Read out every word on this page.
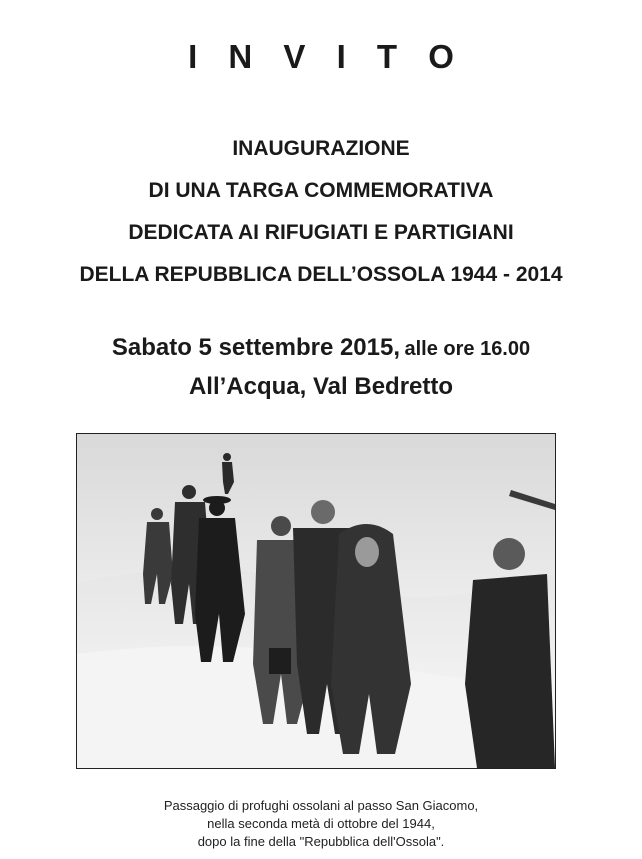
I N V I T O
INAUGURAZIONE
DI UNA TARGA COMMEMORATIVA
DEDICATA AI RIFUGIATI E PARTIGIANI
DELLA REPUBBLICA DELL’OSSOLA 1944 - 2014
Sabato 5 settembre 2015, alle ore 16.00
All’Acqua, Val Bedretto
Passaggio di profughi ossolani al passo San Giacomo,
nella seconda metà di ottobre del 1944,
dopo la fine della "Repubblica dell'Ossola".
